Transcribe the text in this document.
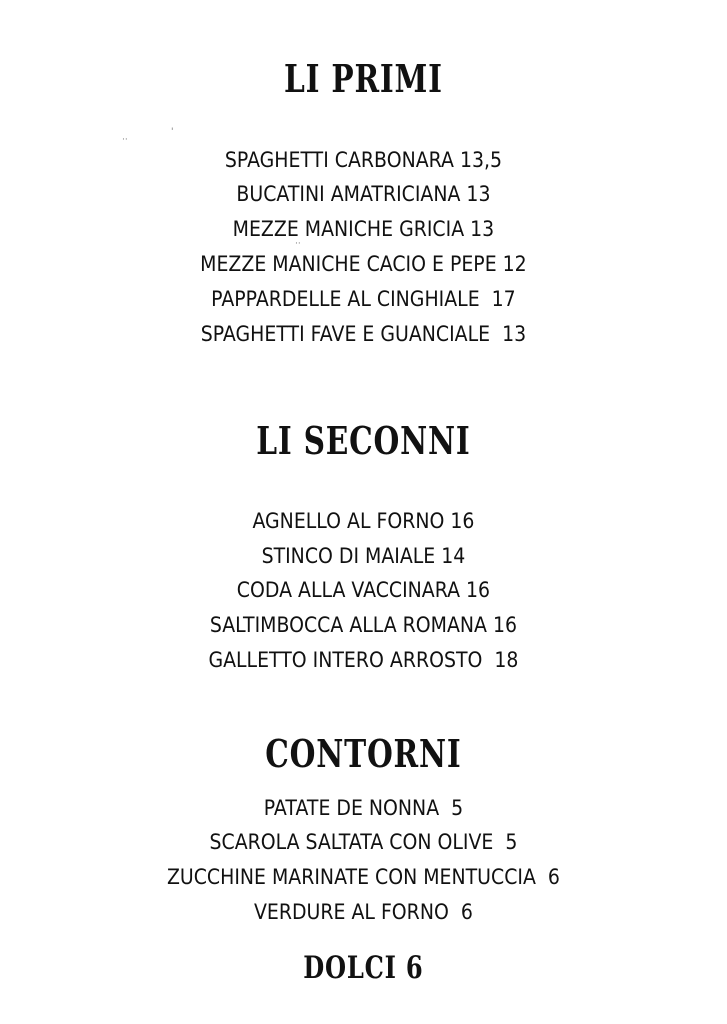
··
'
··
LI PRIMI

SPAGHETTI CARBONARA 13,5

BUCATINI AMATRICIANA 13

MEZZE MANICHE GRICIA 13

MEZZE MANICHE CACIO E PEPE 12

PAPPARDELLE AL CINGHIALE  17

SPAGHETTI FAVE E GUANCIALE  13

LI SECONNI

AGNELLO AL FORNO 16

STINCO DI MAIALE 14

CODA ALLA VACCINARA 16

SALTIMBOCCA ALLA ROMANA 16

GALLETTO INTERO ARROSTO  18

CONTORNI

PATATE DE NONNA  5

SCAROLA SALTATA CON OLIVE  5

ZUCCHINE MARINATE CON MENTUCCIA  6

VERDURE AL FORNO  6

DOLCI 6
